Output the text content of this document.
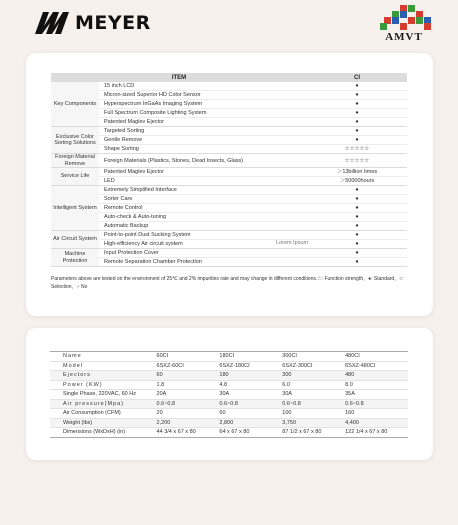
MEYER
AMVT
ITEM		CI
Key Components	15 inch LCD	●
	Micron-sized Superior HD Color Sensor	●
	Hyperspectrum InGaAs Imaging System	●
	Full Spectrum Composite Lighting System	●
	Patented Maglev Ejector	●
Exclusive Color Sorting Solutions	Targeted Sorting	●
	Gentle Remove	●
	Shape Sorting	☆☆☆☆☆
Foreign Material Remove	Foreign Materials (Plastics, Stones, Dead Insects, Glass)	☆☆☆☆☆
Service Life	Patented Maglev Ejector	＞13billion times
	LED	＞50000hours
Intelligent System	Extremely Simplified Interface	●
	Sorter Care	●
	Remote Control	●
	Auto-check & Auto-tuning	●
	Automatic Backup	●
Air Circuit System	Point-to-point Dust Sucking System	●
	High-efficiency Air circuit system	●
Machine Protection	Input Protection Cover	●
	Remote Separation Chamber Protection	●
Lorem Ipsum
Parameters above are tested on the environment of 25℃ and 2% impurities rate and may change in different conditions.☆: Function strength，●: Standard，○: Selection，-: No
Name	60CI	180CI	300CI	480CI
Model	6SXZ-60CI	6SXZ-180CI	6SXZ-300CI	6SXZ-480CI
Ejectors	60	180	300	480
Power (KW)	1.8	4.8	6.0	8.0
Single Phase, 220VAC, 60 Hz	20A	30A	30A	35A
Air pressure(Mpa)	0.6~0.8	0.6~0.8	0.6~0.8	0.6~0.8
Air Consumption (CFM)	20	60	100	160
Weight (lbs)	2,200	2,800	3,750	4,400
Dimensions (WxDxH) (in)	44 3/4 x 67 x 80	64 x 67 x 80	87 1/2 x 67 x 80	122 1/4 x 67 x 80
